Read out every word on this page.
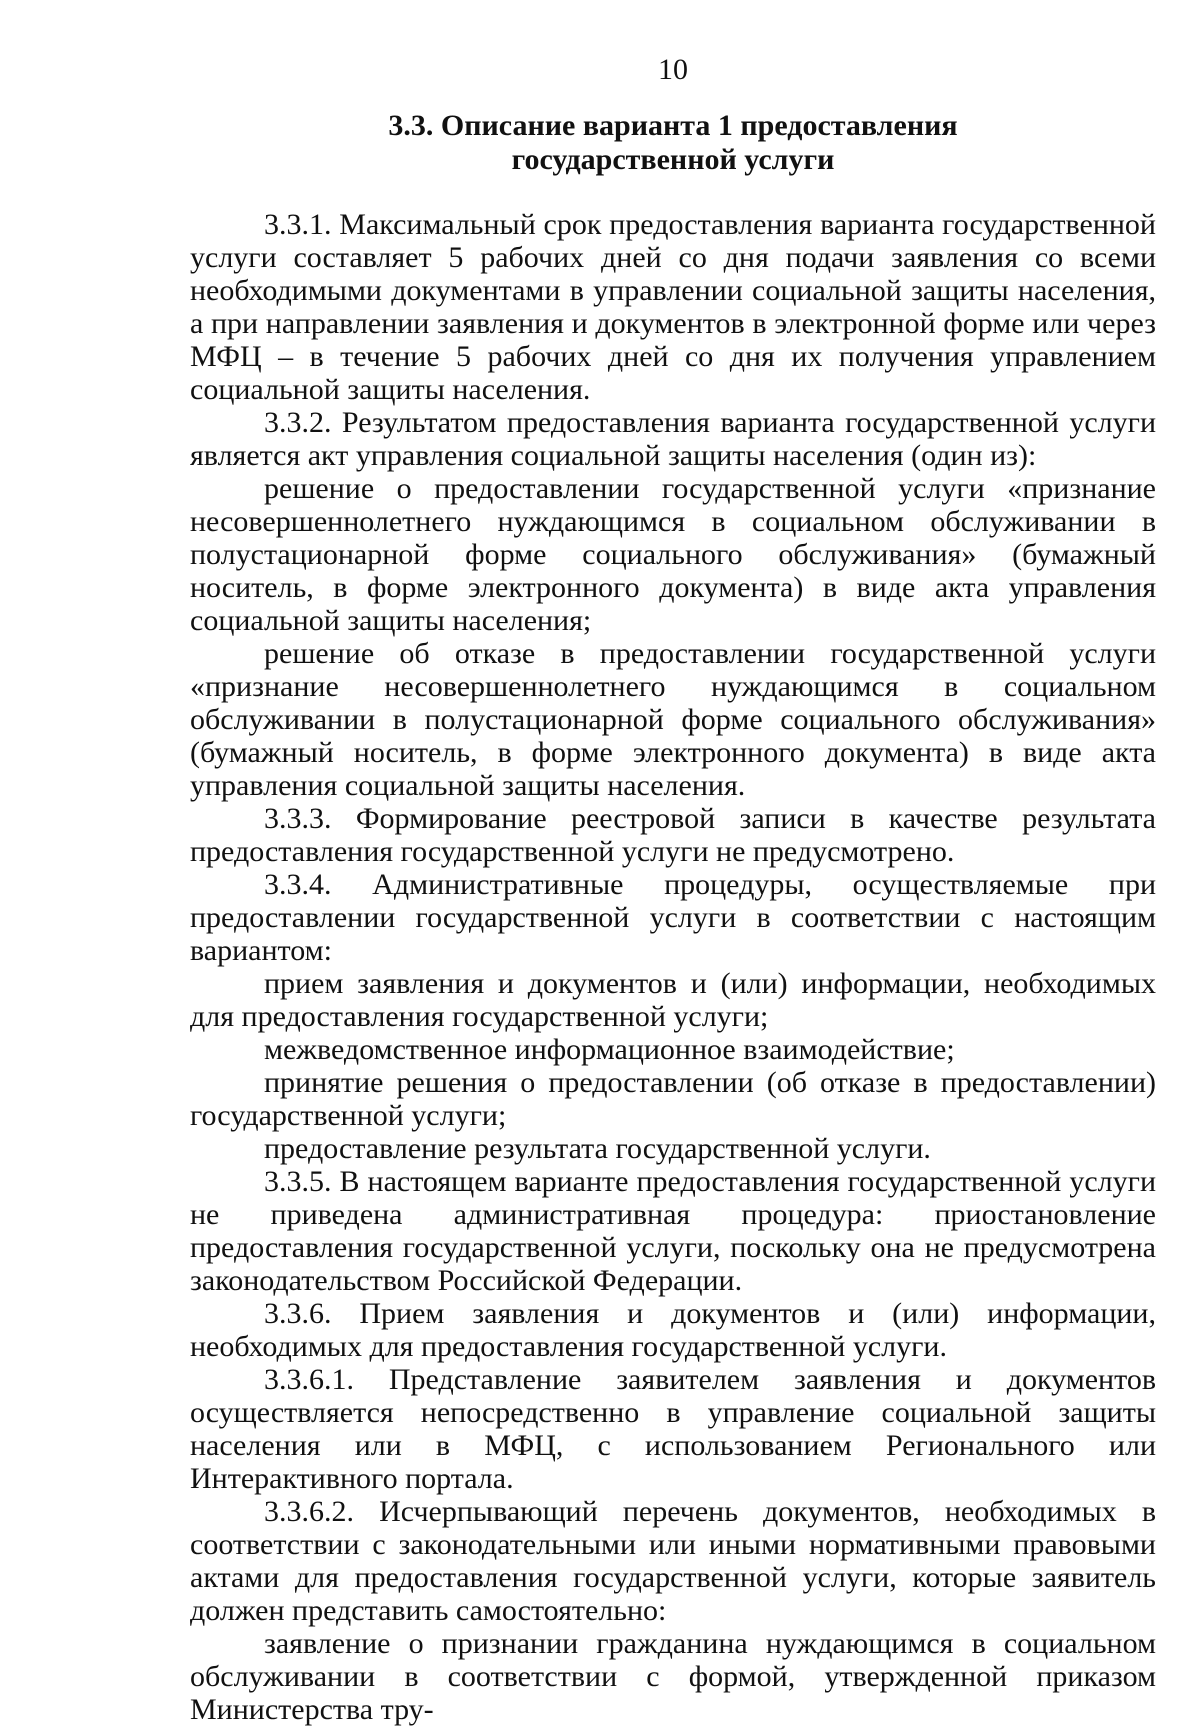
10
3.3. Описание варианта 1 предоставления
государственной услуги

3.3.1. Максимальный срок предоставления варианта государственной услуги составляет 5 рабочих дней со дня подачи заявления со всеми необходимыми документами в управлении социальной защиты населения, а при направлении заявления и документов в электронной форме или через МФЦ – в течение 5 рабочих дней со дня их получения управлением социальной защиты населения.

3.3.2. Результатом предоставления варианта государственной услуги является акт управления социальной защиты населения (один из):

решение о предоставлении государственной услуги «признание несовершеннолетнего нуждающимся в социальном обслуживании в полустационарной форме социального обслуживания» (бумажный носитель, в форме электронного документа) в виде акта управления социальной защиты населения;

решение об отказе в предоставлении государственной услуги «признание несовершеннолетнего нуждающимся в социальном обслуживании в полустационарной форме социального обслуживания» (бумажный носитель, в форме электронного документа) в виде акта управления социальной защиты населения.

3.3.3. Формирование реестровой записи в качестве результата предоставления государственной услуги не предусмотрено.

3.3.4. Административные процедуры, осуществляемые при предоставлении государственной услуги в соответствии с настоящим вариантом:

прием заявления и документов и (или) информации, необходимых для предоставления государственной услуги;

межведомственное информационное взаимодействие;

принятие решения о предоставлении (об отказе в предоставлении) государственной услуги;

предоставление результата государственной услуги.

3.3.5. В настоящем варианте предоставления государственной услуги не приведена административная процедура: приостановление предоставления государственной услуги, поскольку она не предусмотрена законодательством Российской Федерации.

3.3.6. Прием заявления и документов и (или) информации, необходимых для предоставления государственной услуги.

3.3.6.1. Представление заявителем заявления и документов осуществляется непосредственно в управление социальной защиты населения или в МФЦ, с использованием Регионального или Интерактивного портала.

3.3.6.2. Исчерпывающий перечень документов, необходимых в соответствии с законодательными или иными нормативными правовыми актами для предоставления государственной услуги, которые заявитель должен представить самостоятельно:

заявление о признании гражданина нуждающимся в социальном обслуживании в соответствии с формой, утвержденной приказом Министерства тру-
